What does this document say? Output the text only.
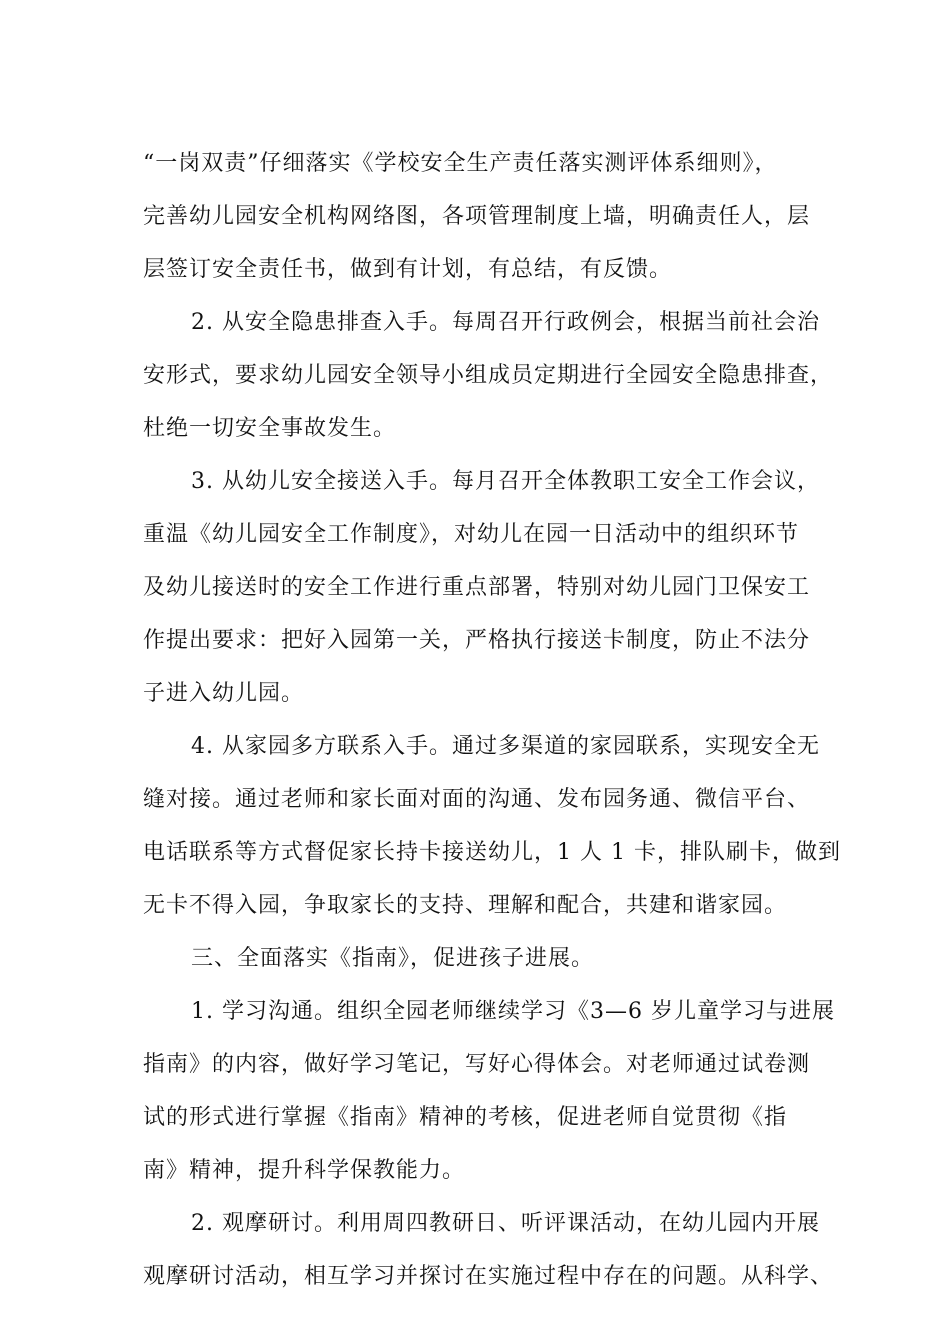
“一岗双责”仔细落实《学校安全生产责任落实测评体系细则》，
完善幼儿园安全机构网络图，各项管理制度上墙，明确责任人，层
层签订安全责任书，做到有计划，有总结，有反馈。
2. 从安全隐患排查入手。每周召开行政例会，根据当前社会治
安形式，要求幼儿园安全领导小组成员定期进行全园安全隐患排查，
杜绝一切安全事故发生。
3. 从幼儿安全接送入手。每月召开全体教职工安全工作会议，
重温《幼儿园安全工作制度》，对幼儿在园一日活动中的组织环节
及幼儿接送时的安全工作进行重点部署，特别对幼儿园门卫保安工
作提出要求：把好入园第一关，严格执行接送卡制度，防止不法分
子进入幼儿园。
4. 从家园多方联系入手。通过多渠道的家园联系，实现安全无
缝对接。通过老师和家长面对面的沟通、发布园务通、微信平台、
电话联系等方式督促家长持卡接送幼儿，1 人 1 卡，排队刷卡，做到
无卡不得入园，争取家长的支持、理解和配合，共建和谐家园。
三、全面落实《指南》，促进孩子进展。
1. 学习沟通。组织全园老师继续学习《3—6 岁儿童学习与进展
指南》的内容，做好学习笔记，写好心得体会。对老师通过试卷测
试的形式进行掌握《指南》精神的考核，促进老师自觉贯彻《指
南》精神，提升科学保教能力。
2. 观摩研讨。利用周四教研日、听评课活动，在幼儿园内开展
观摩研讨活动，相互学习并探讨在实施过程中存在的问题。从科学、
